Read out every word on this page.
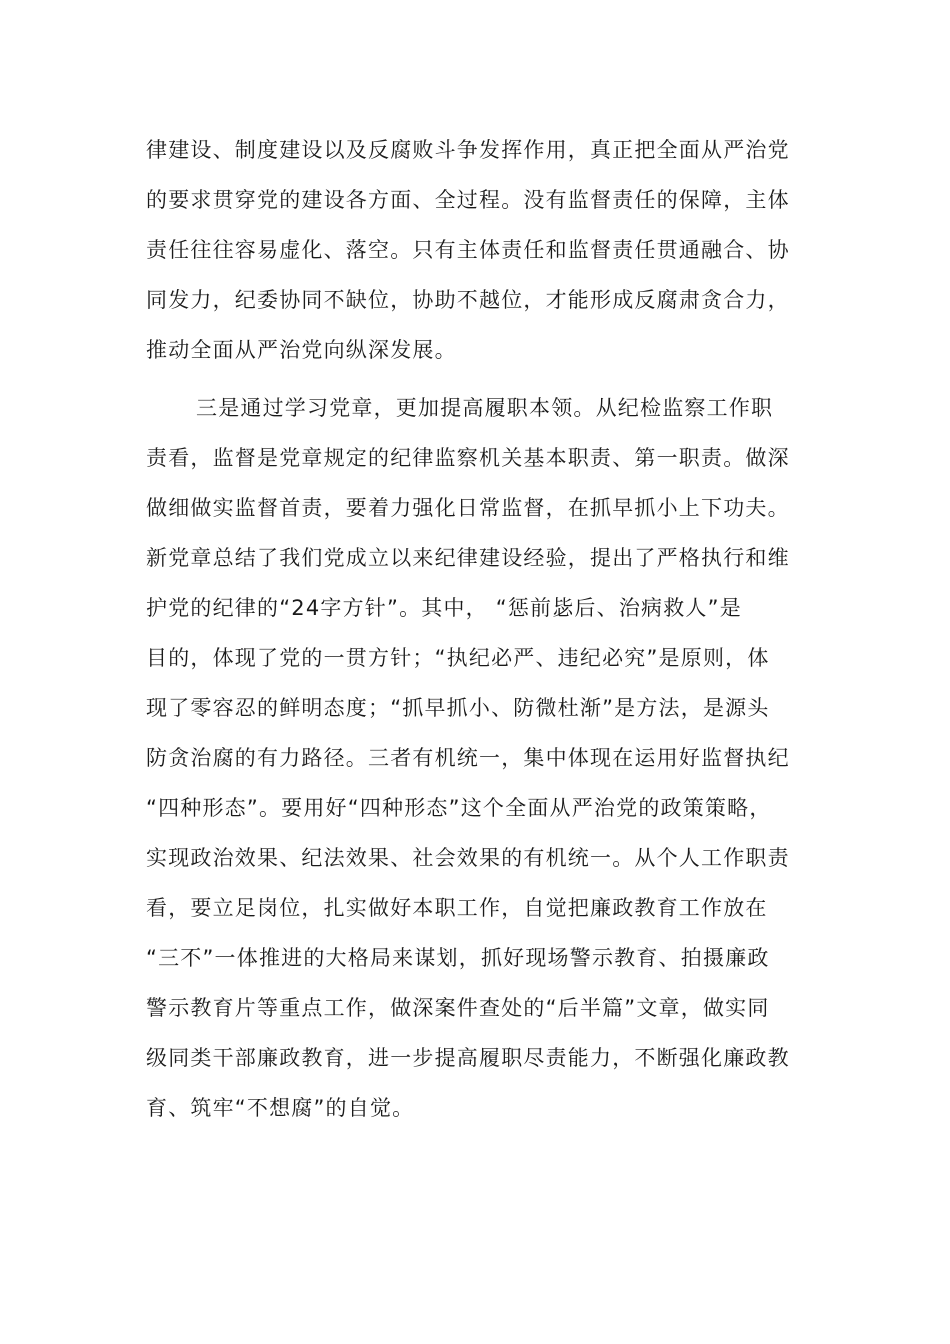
律建设、制度建设以及反腐败斗争发挥作用，真正把全面从严治党
的要求贯穿党的建设各方面、全过程。没有监督责任的保障，主体
责任往往容易虚化、落空。只有主体责任和监督责任贯通融合、协
同发力，纪委协同不缺位，协助不越位，才能形成反腐肃贪合力，
推动全面从严治党向纵深发展。
三是通过学习党章，更加提高履职本领。从纪检监察工作职
责看，监督是党章规定的纪律监察机关基本职责、第一职责。做深
做细做实监督首责，要着力强化日常监督，在抓早抓小上下功夫。
新党章总结了我们党成立以来纪律建设经验，提出了严格执行和维
护党的纪律的“24字方针”。其中， “惩前毖后、治病救人”是
目的，体现了党的一贯方针；“执纪必严、违纪必究”是原则，体
现了零容忍的鲜明态度；“抓早抓小、防微杜渐”是方法，是源头
防贪治腐的有力路径。三者有机统一，集中体现在运用好监督执纪
“四种形态”。要用好“四种形态”这个全面从严治党的政策策略，
实现政治效果、纪法效果、社会效果的有机统一。从个人工作职责
看，要立足岗位，扎实做好本职工作，自觉把廉政教育工作放在
“三不”一体推进的大格局来谋划，抓好现场警示教育、拍摄廉政
警示教育片等重点工作，做深案件查处的“后半篇”文章，做实同
级同类干部廉政教育，进一步提高履职尽责能力，不断强化廉政教
育、筑牢“不想腐”的自觉。
